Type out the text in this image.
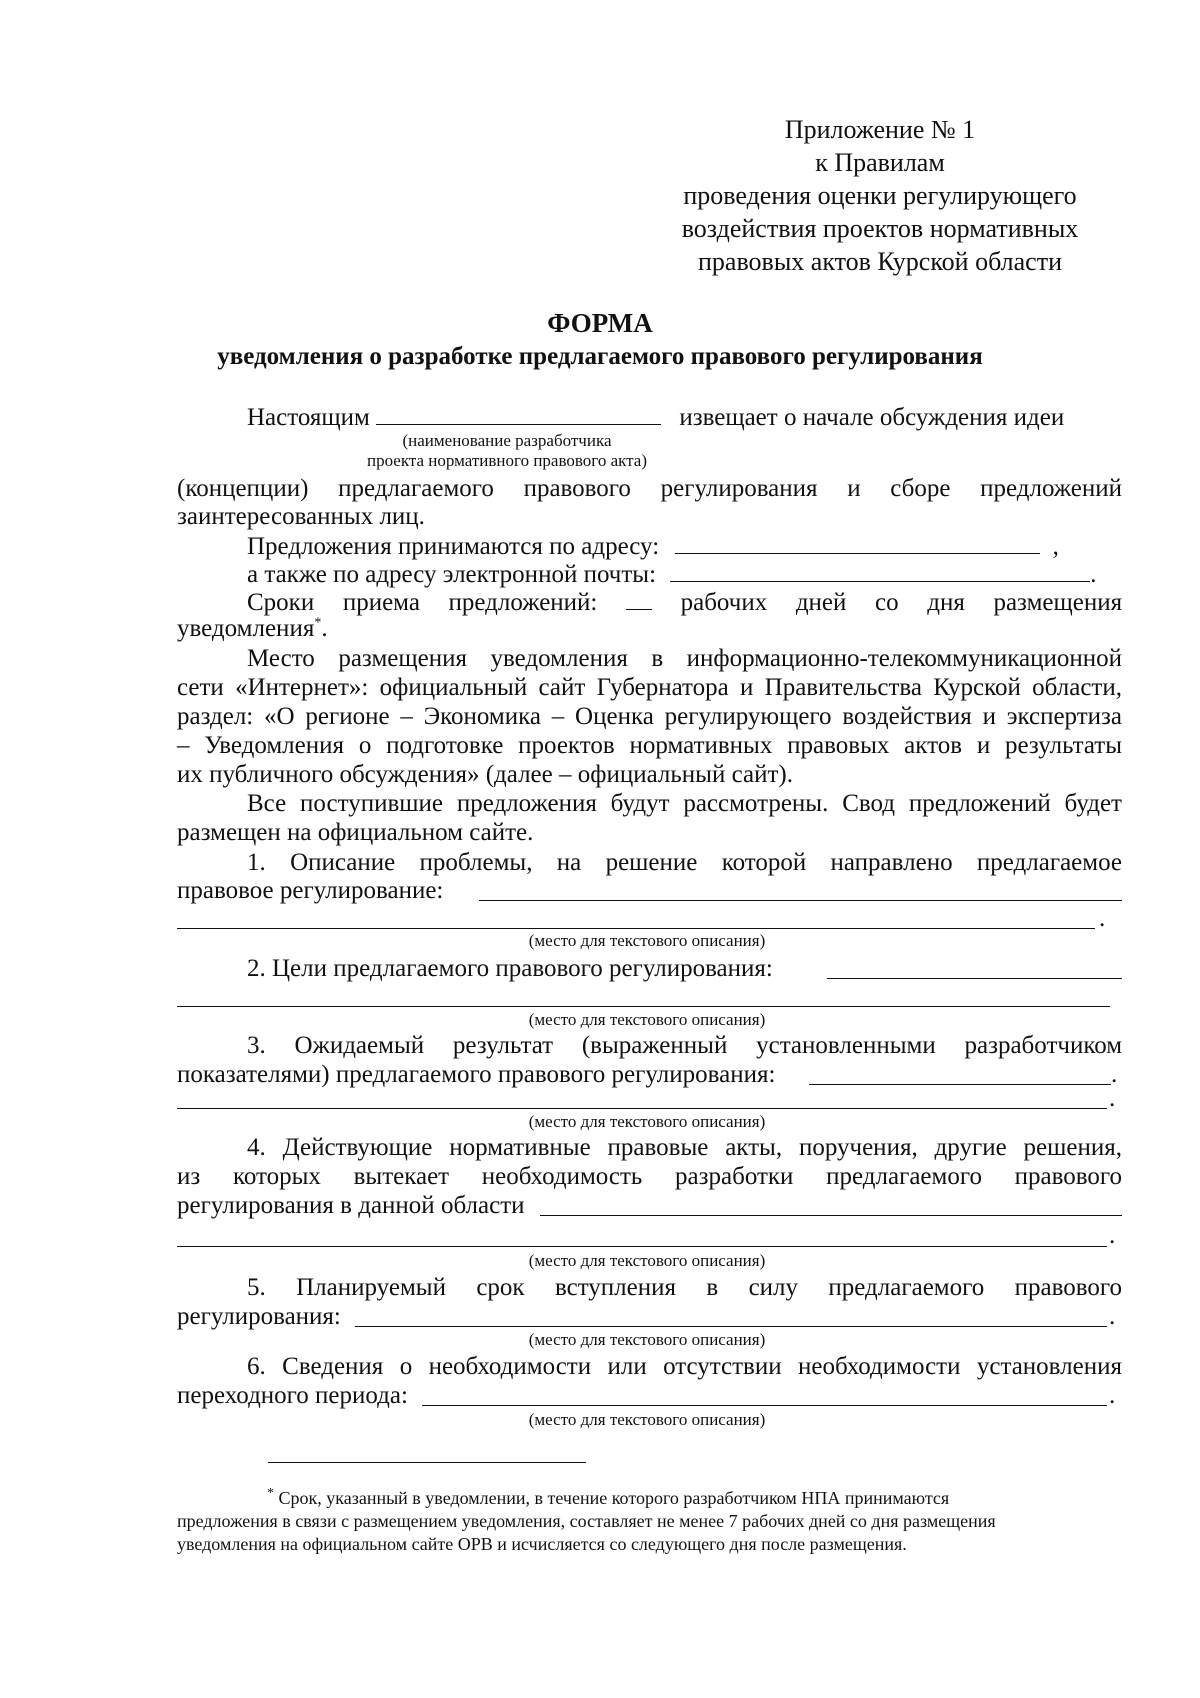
Приложение № 1
к Правилам
проведения оценки регулирующего
воздействия проектов нормативных
правовых актов Курской области
ФОРМА
уведомления о разработке предлагаемого правового регулирования
Настоящим	извещает о начале обсуждения идеи
(наименование разработчика
проекта нормативного правового акта)
(концепции) предлагаемого правового регулирования и сборе предложений
заинтересованных лиц.
Предложения принимаются по адресу:	,
а также по адресу электронной почты:	.
Сроки приема предложений:	рабочих дней со дня размещения
уведомления*.
Место размещения уведомления в информационно-телекоммуникационной
сети «Интернет»: официальный сайт Губернатора и Правительства Курской области,
раздел: «О регионе – Экономика – Оценка регулирующего воздействия и экспертиза
– Уведомления о подготовке проектов нормативных правовых актов и результаты
их публичного обсуждения» (далее – официальный сайт).
Все поступившие предложения будут рассмотрены. Свод предложений будет
размещен на официальном сайте.
1. Описание проблемы, на решение которой направлено предлагаемое
правовое регулирование:
.
(место для текстового описания)
2. Цели предлагаемого правового регулирования:
(место для текстового описания)
3. Ожидаемый результат (выраженный установленными разработчиком
показателями) предлагаемого правового регулирования:	.
.
(место для текстового описания)
4. Действующие нормативные правовые акты, поручения, другие решения,
из которых вытекает необходимость разработки предлагаемого правового
регулирования в данной области
.
(место для текстового описания)
5. Планируемый срок вступления в силу предлагаемого правового
регулирования:	.
(место для текстового описания)
6. Сведения о необходимости или отсутствии необходимости установления
переходного периода:	.
(место для текстового описания)
* Срок, указанный в уведомлении, в течение которого разработчиком НПА принимаются
предложения в связи с размещением уведомления, составляет не менее 7 рабочих дней со дня размещения
уведомления на официальном сайте ОРВ и исчисляется со следующего дня после размещения.
